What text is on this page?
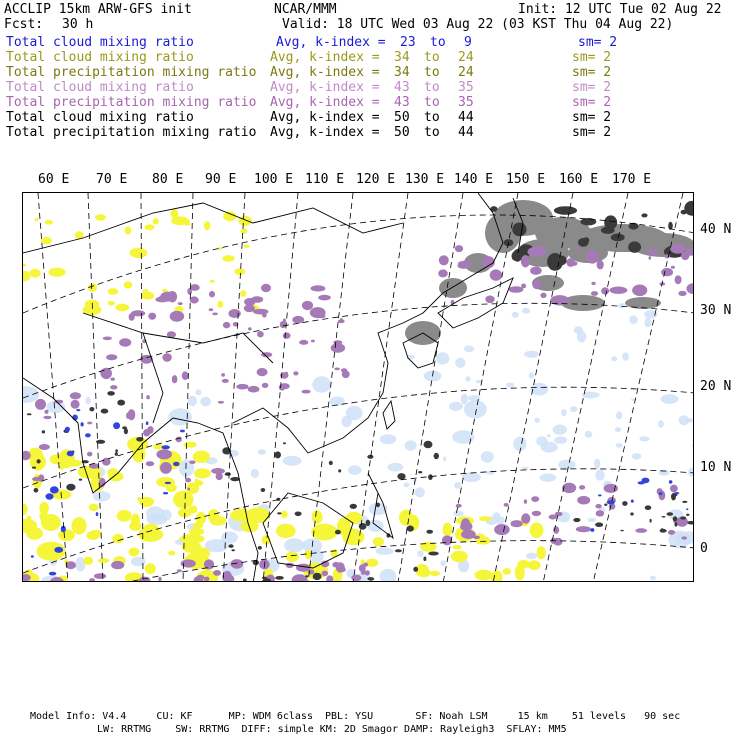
ACCLIP 15km ARW-GFS init	NCAR/MMM	Init: 12 UTC Tue 02 Aug 22
Fcst: 30 h	Valid: 18 UTC Wed 03 Aug 22 (03 KST Thu 04 Aug 22)
Total cloud mixing ratio	Avg, k-index = 23 to 9	sm= 2
Total cloud mixing ratio	Avg, k-index = 34 to 24	sm= 2
Total precipitation mixing ratio Avg, k-index = 34 to 24	sm= 2
Total cloud mixing ratio	Avg, k-index = 43 to 35	sm= 2
Total precipitation mixing ratio Avg, k-index = 43 to 35	sm= 2
Total cloud mixing ratio	Avg, k-index = 50 to 44	sm= 2
Total precipitation mixing ratio Avg, k-index = 50 to 44	sm= 2
60 E 70 E 80 E 90 E 100 E 110 E 120 E 130 E 140 E 150 E 160 E 170 E
40 N
30 N
20 N
10 N
0
Model Info: V4.4     CU: KF      MP: WDM 6class  PBL: YSU       SF: Noah LSM     15 km    51 levels   90 sec
LW: RRTMG    SW: RRTMG  DIFF: simple KM: 2D Smagor DAMP: Rayleigh3  SFLAY: MM5
